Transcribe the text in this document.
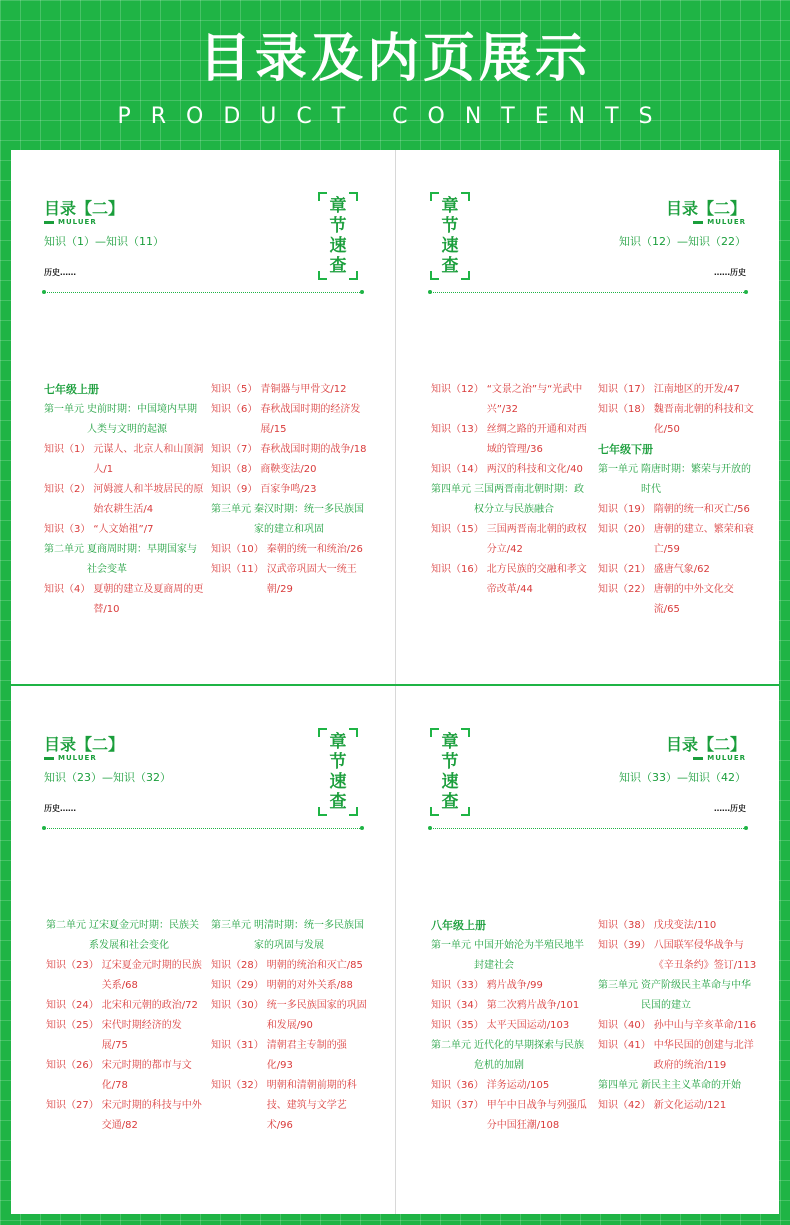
目录及内页展示
PRODUCT CONTENTS
目录【二】
MULUER
知识（1）—知识（11）
历史……
章
节
速
查
七年级上册
第一单元 史前时期：中国境内早期人类与文明的起源
知识（1） 元谋人、北京人和山顶洞人/1
知识（2） 河姆渡人和半坡居民的原始农耕生活/4
知识（3） “人文始祖”/7
第二单元 夏商周时期：早期国家与社会变革
知识（4） 夏朝的建立及夏商周的更替/10
知识（5） 青铜器与甲骨文/12
知识（6） 春秋战国时期的经济发展/15
知识（7） 春秋战国时期的战争/18
知识（8） 商鞅变法/20
知识（9） 百家争鸣/23
第三单元 秦汉时期：统一多民族国家的建立和巩固
知识（10） 秦朝的统一和统治/26
知识（11） 汉武帝巩固大一统王朝/29
章
节
速
查
目录【二】
MULUER
知识（12）—知识（22）
……历史
知识（12） “文景之治”与“光武中兴”/32
知识（13） 丝绸之路的开通和对西域的管理/36
知识（14） 两汉的科技和文化/40
第四单元 三国两晋南北朝时期：政权分立与民族融合
知识（15） 三国两晋南北朝的政权分立/42
知识（16） 北方民族的交融和孝文帝改革/44
知识（17） 江南地区的开发/47
知识（18） 魏晋南北朝的科技和文化/50
七年级下册
第一单元 隋唐时期：繁荣与开放的时代
知识（19） 隋朝的统一和灭亡/56
知识（20） 唐朝的建立、繁荣和衰亡/59
知识（21） 盛唐气象/62
知识（22） 唐朝的中外文化交流/65
目录【二】
MULUER
知识（23）—知识（32）
历史……
章
节
速
查
第二单元 辽宋夏金元时期：民族关系发展和社会变化
知识（23） 辽宋夏金元时期的民族关系/68
知识（24） 北宋和元朝的政治/72
知识（25） 宋代时期经济的发展/75
知识（26） 宋元时期的都市与文化/78
知识（27） 宋元时期的科技与中外交通/82
第三单元 明清时期：统一多民族国家的巩固与发展
知识（28） 明朝的统治和灭亡/85
知识（29） 明朝的对外关系/88
知识（30） 统一多民族国家的巩固和发展/90
知识（31） 清朝君主专制的强化/93
知识（32） 明朝和清朝前期的科技、建筑与文学艺术/96
章
节
速
查
目录【二】
MULUER
知识（33）—知识（42）
……历史
八年级上册
第一单元 中国开始沦为半殖民地半封建社会
知识（33） 鸦片战争/99
知识（34） 第二次鸦片战争/101
知识（35） 太平天国运动/103
第二单元 近代化的早期探索与民族危机的加剧
知识（36） 洋务运动/105
知识（37） 甲午中日战争与列强瓜分中国狂潮/108
知识（38） 戊戌变法/110
知识（39） 八国联军侵华战争与《辛丑条约》签订/113
第三单元 资产阶级民主革命与中华民国的建立
知识（40） 孙中山与辛亥革命/116
知识（41） 中华民国的创建与北洋政府的统治/119
第四单元 新民主主义革命的开始
知识（42） 新文化运动/121
